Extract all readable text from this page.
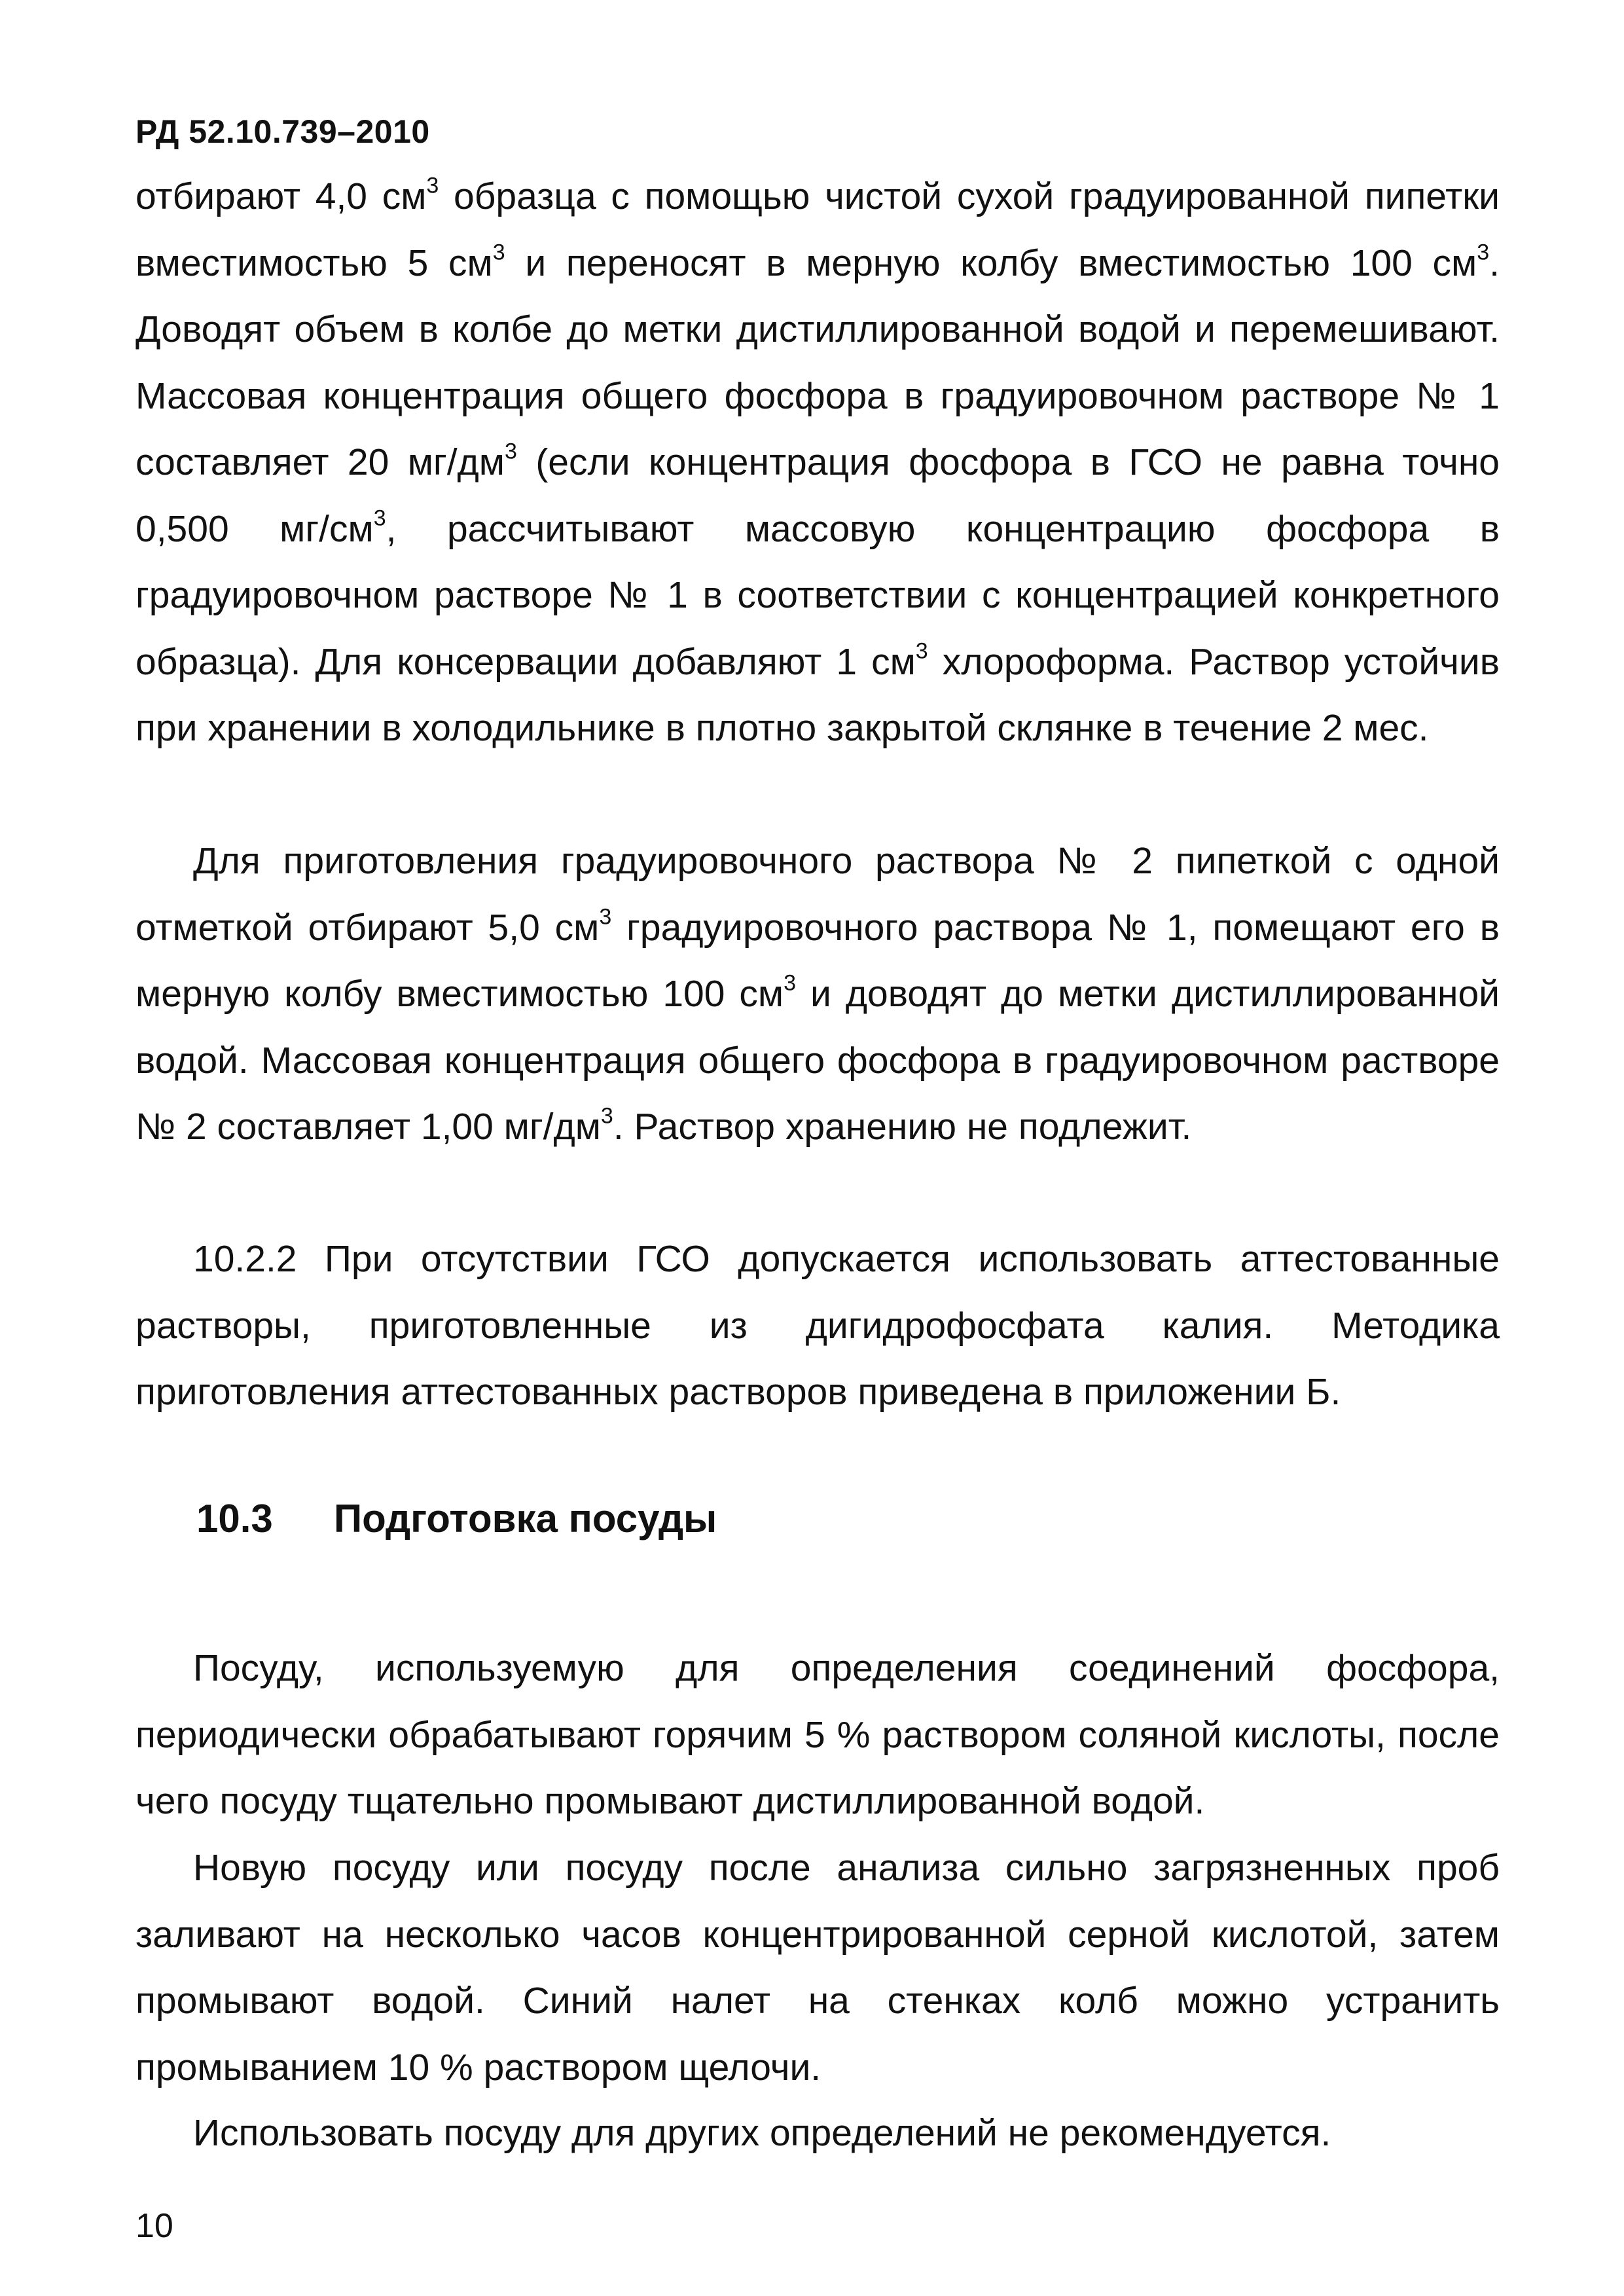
РД 52.10.739–2010

отбирают 4,0 $см^3$ образца с помощью чистой сухой градуированной пипетки вместимостью 5 $см^3$ и переносят в мерную колбу вместимостью 100 $см^3$. Доводят объем в колбе до метки дистиллированной водой и перемешивают. Массовая концентрация общего фосфора в градуировочном растворе № 1 составляет 20 $мг/дм^3$ (если концентрация фосфора в ГСО не равна точно 0,500 $мг/см^3$, рассчитывают массовую концентрацию фосфора в градуировочном растворе № 1 в соответствии с концентрацией конкретного образца). Для консервации добавляют 1 $см^3$ хлороформа. Раствор устойчив при хранении в холодильнике в плотно закрытой склянке в течение 2 мес.

Для приготовления градуировочного раствора № 2 пипеткой с одной отметкой отбирают 5,0 $см^3$ градуировочного раствора № 1, помещают его в мерную колбу вместимостью 100 $см^3$ и доводят до метки дистиллированной водой. Массовая концентрация общего фосфора в градуировочном растворе № 2 составляет 1,00 $мг/дм^3$. Раствор хранению не подлежит.

10.2.2 При отсутствии ГСО допускается использовать аттестованные растворы, приготовленные из дигидрофосфата калия. Методика приготовления аттестованных растворов приведена в приложении Б.

10.3 Подготовка посуды

Посуду, используемую для определения соединений фосфора, периодически обрабатывают горячим 5 % раствором соляной кислоты, после чего посуду тщательно промывают дистиллированной водой.

Новую посуду или посуду после анализа сильно загрязненных проб заливают на несколько часов концентрированной серной кислотой, затем промывают водой. Синий налет на стенках колб можно устранить промыванием 10 % раствором щелочи.

Использовать посуду для других определений не рекомендуется.

10
